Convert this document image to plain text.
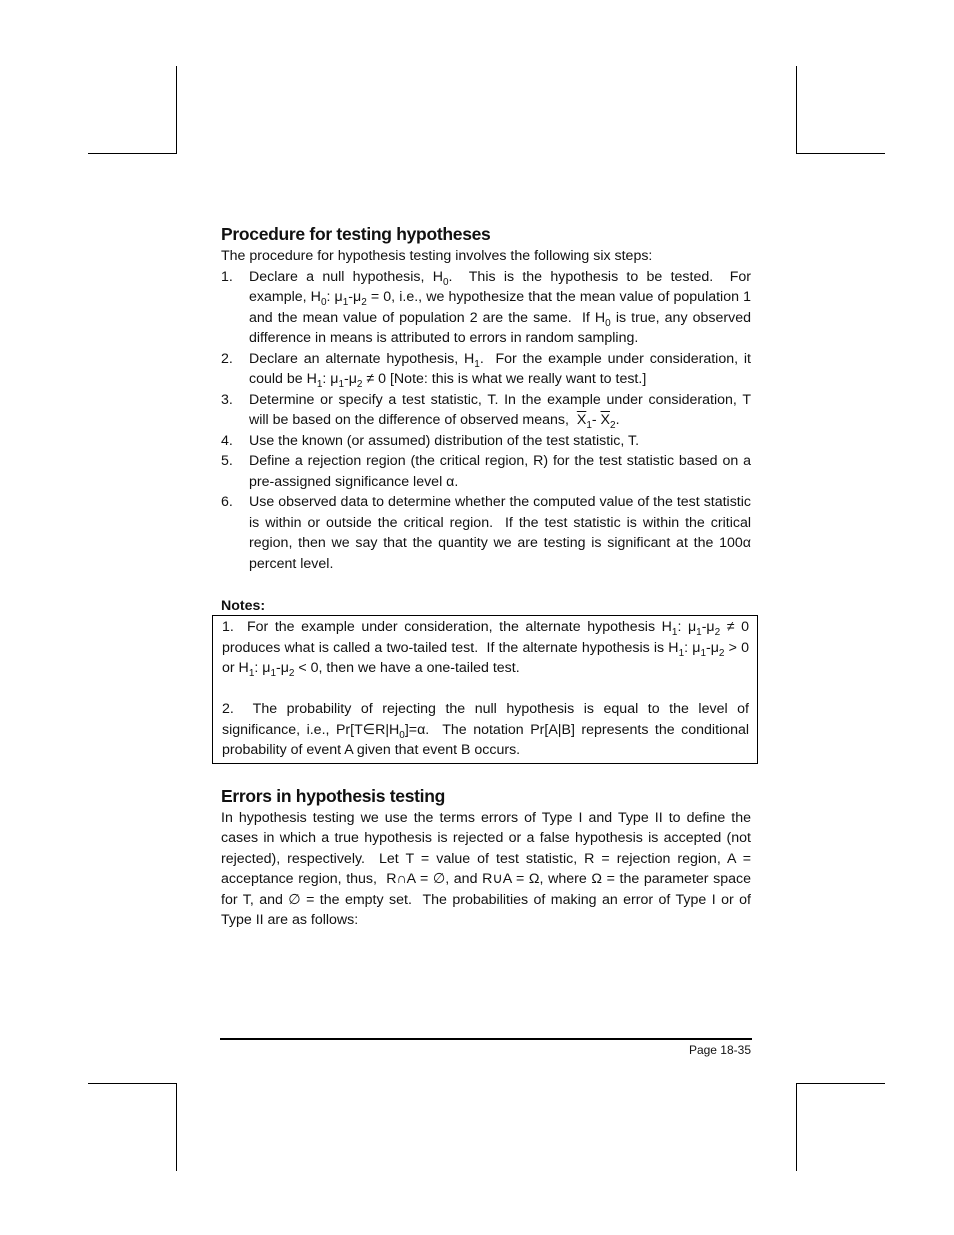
Procedure for testing hypotheses

The procedure for hypothesis testing involves the following six steps:

1. Declare a null hypothesis, $H_0$.  This is the hypothesis to be tested.  For example, $H_0$: $\mu_1-\mu_2 = 0$, i.e., we hypothesize that the mean value of population 1 and the mean value of population 2 are the same.  If $H_0$ is true, any observed difference in means is attributed to errors in random sampling.
2. Declare an alternate hypothesis, $H_1$.  For the example under consideration, it could be $H_1$: $\mu_1-\mu_2 \ne 0$ [Note: this is what we really want to test.]
3. Determine or specify a test statistic, T. In the example under consideration, T will be based on the difference of observed means,  $\overline{X}_1-$ $\overline{X}_2$.
4. Use the known (or assumed) distribution of the test statistic, T.
5. Define a rejection region (the critical region, R) for the test statistic based on a pre-assigned significance level α.
6. Use observed data to determine whether the computed value of the test statistic is within or outside the critical region.  If the test statistic is within the critical region, then we say that the quantity we are testing is significant at the 100α percent level.
Notes:

1.  For the example under consideration, the alternate hypothesis $H_1$: $\mu_1-\mu_2 \ne 0$ produces what is called a two-tailed test.  If the alternate hypothesis is $H_1$: $\mu_1-\mu_2 > 0$ or $H_1$: $\mu_1-\mu_2 < 0$, then we have a one-tailed test.

2.  The probability of rejecting the null hypothesis is equal to the level of significance, i.e., $Pr[T\in R|H_0]=\alpha$.  The notation Pr[A|B] represents the conditional probability of event A given that event B occurs.

Errors in hypothesis testing

In hypothesis testing we use the terms errors of Type I and Type II to define the cases in which a true hypothesis is rejected or a false hypothesis is accepted (not rejected), respectively.  Let T = value of test statistic, R = rejection region, A = acceptance region, thus,  R∩A = ∅, and R∪A = Ω, where Ω = the parameter space for T, and ∅ = the empty set.  The probabilities of making an error of Type I or of Type II are as follows:

Page 18-35
